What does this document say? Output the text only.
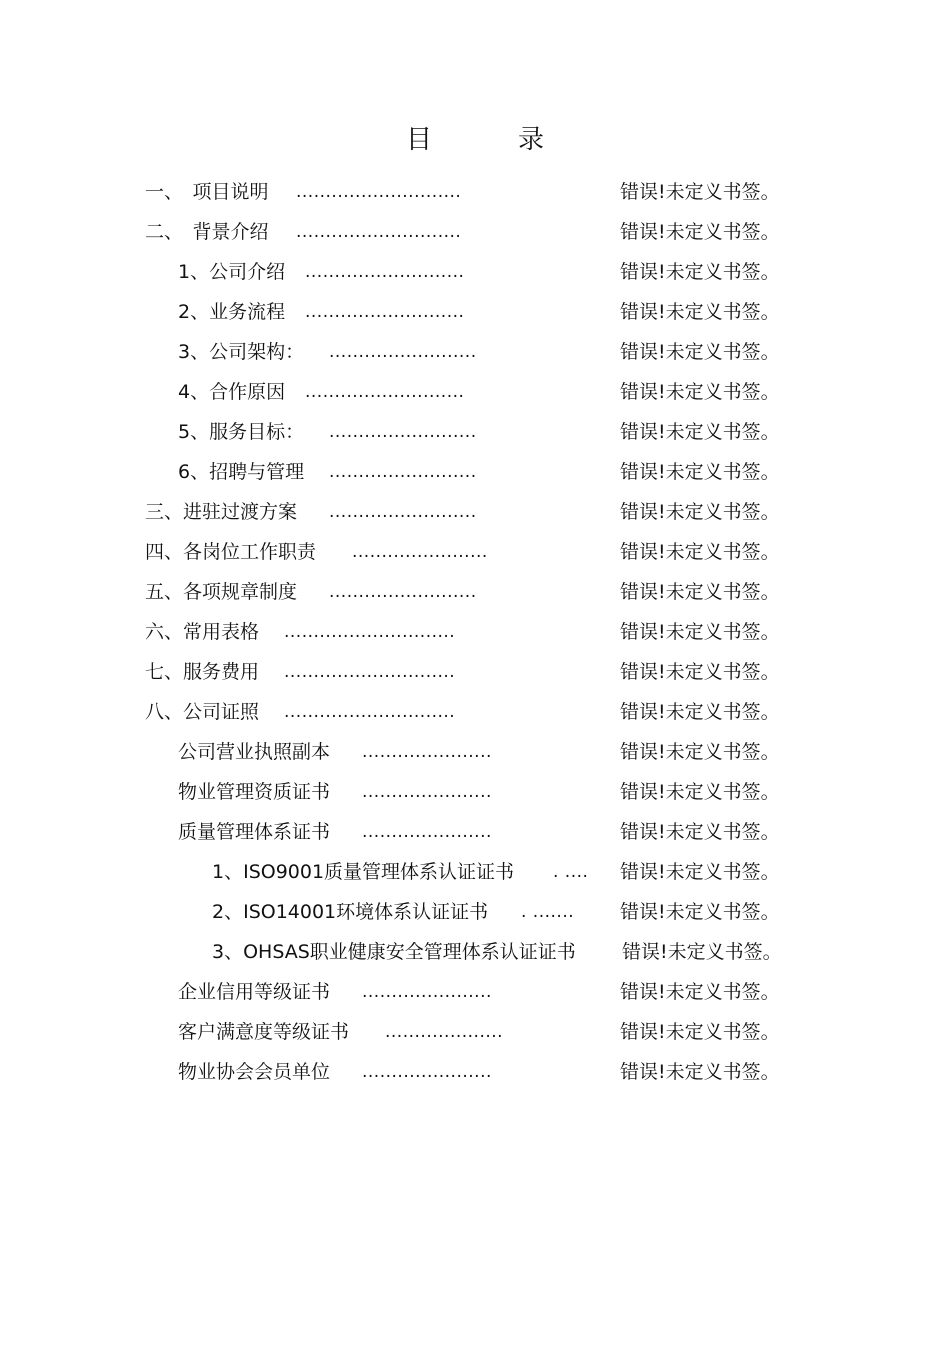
目　录
一、　项目说明 ............................	错误!未定义书签。
二、　背景介绍 ............................	错误!未定义书签。
1、公司介绍 ...........................	错误!未定义书签。
2、业务流程 ...........................	错误!未定义书签。
3、公司架构： .........................	错误!未定义书签。
4、合作原因 ...........................	错误!未定义书签。
5、服务目标： .........................	错误!未定义书签。
6、招聘与管理 .........................	错误!未定义书签。
三、进驻过渡方案 .........................	错误!未定义书签。
四、各岗位工作职责 .......................	错误!未定义书签。
五、各项规章制度 .........................	错误!未定义书签。
六、常用表格 .............................	错误!未定义书签。
七、服务费用 .............................	错误!未定义书签。
八、公司证照 .............................	错误!未定义书签。
公司营业执照副本 ......................	错误!未定义书签。
物业管理资质证书 ......................	错误!未定义书签。
质量管理体系证书 ......................	错误!未定义书签。
1、ISO9001质量管理体系认证证书 . .... 错误!未定义书签。
2、ISO14001环境体系认证证书 . ....... 错误!未定义书签。
3、OHSAS职业健康安全管理体系认证证书 错误!未定义书签。
企业信用等级证书 ......................	错误!未定义书签。
客户满意度等级证书 ....................	错误!未定义书签。
物业协会会员单位 ......................	错误!未定义书签。
